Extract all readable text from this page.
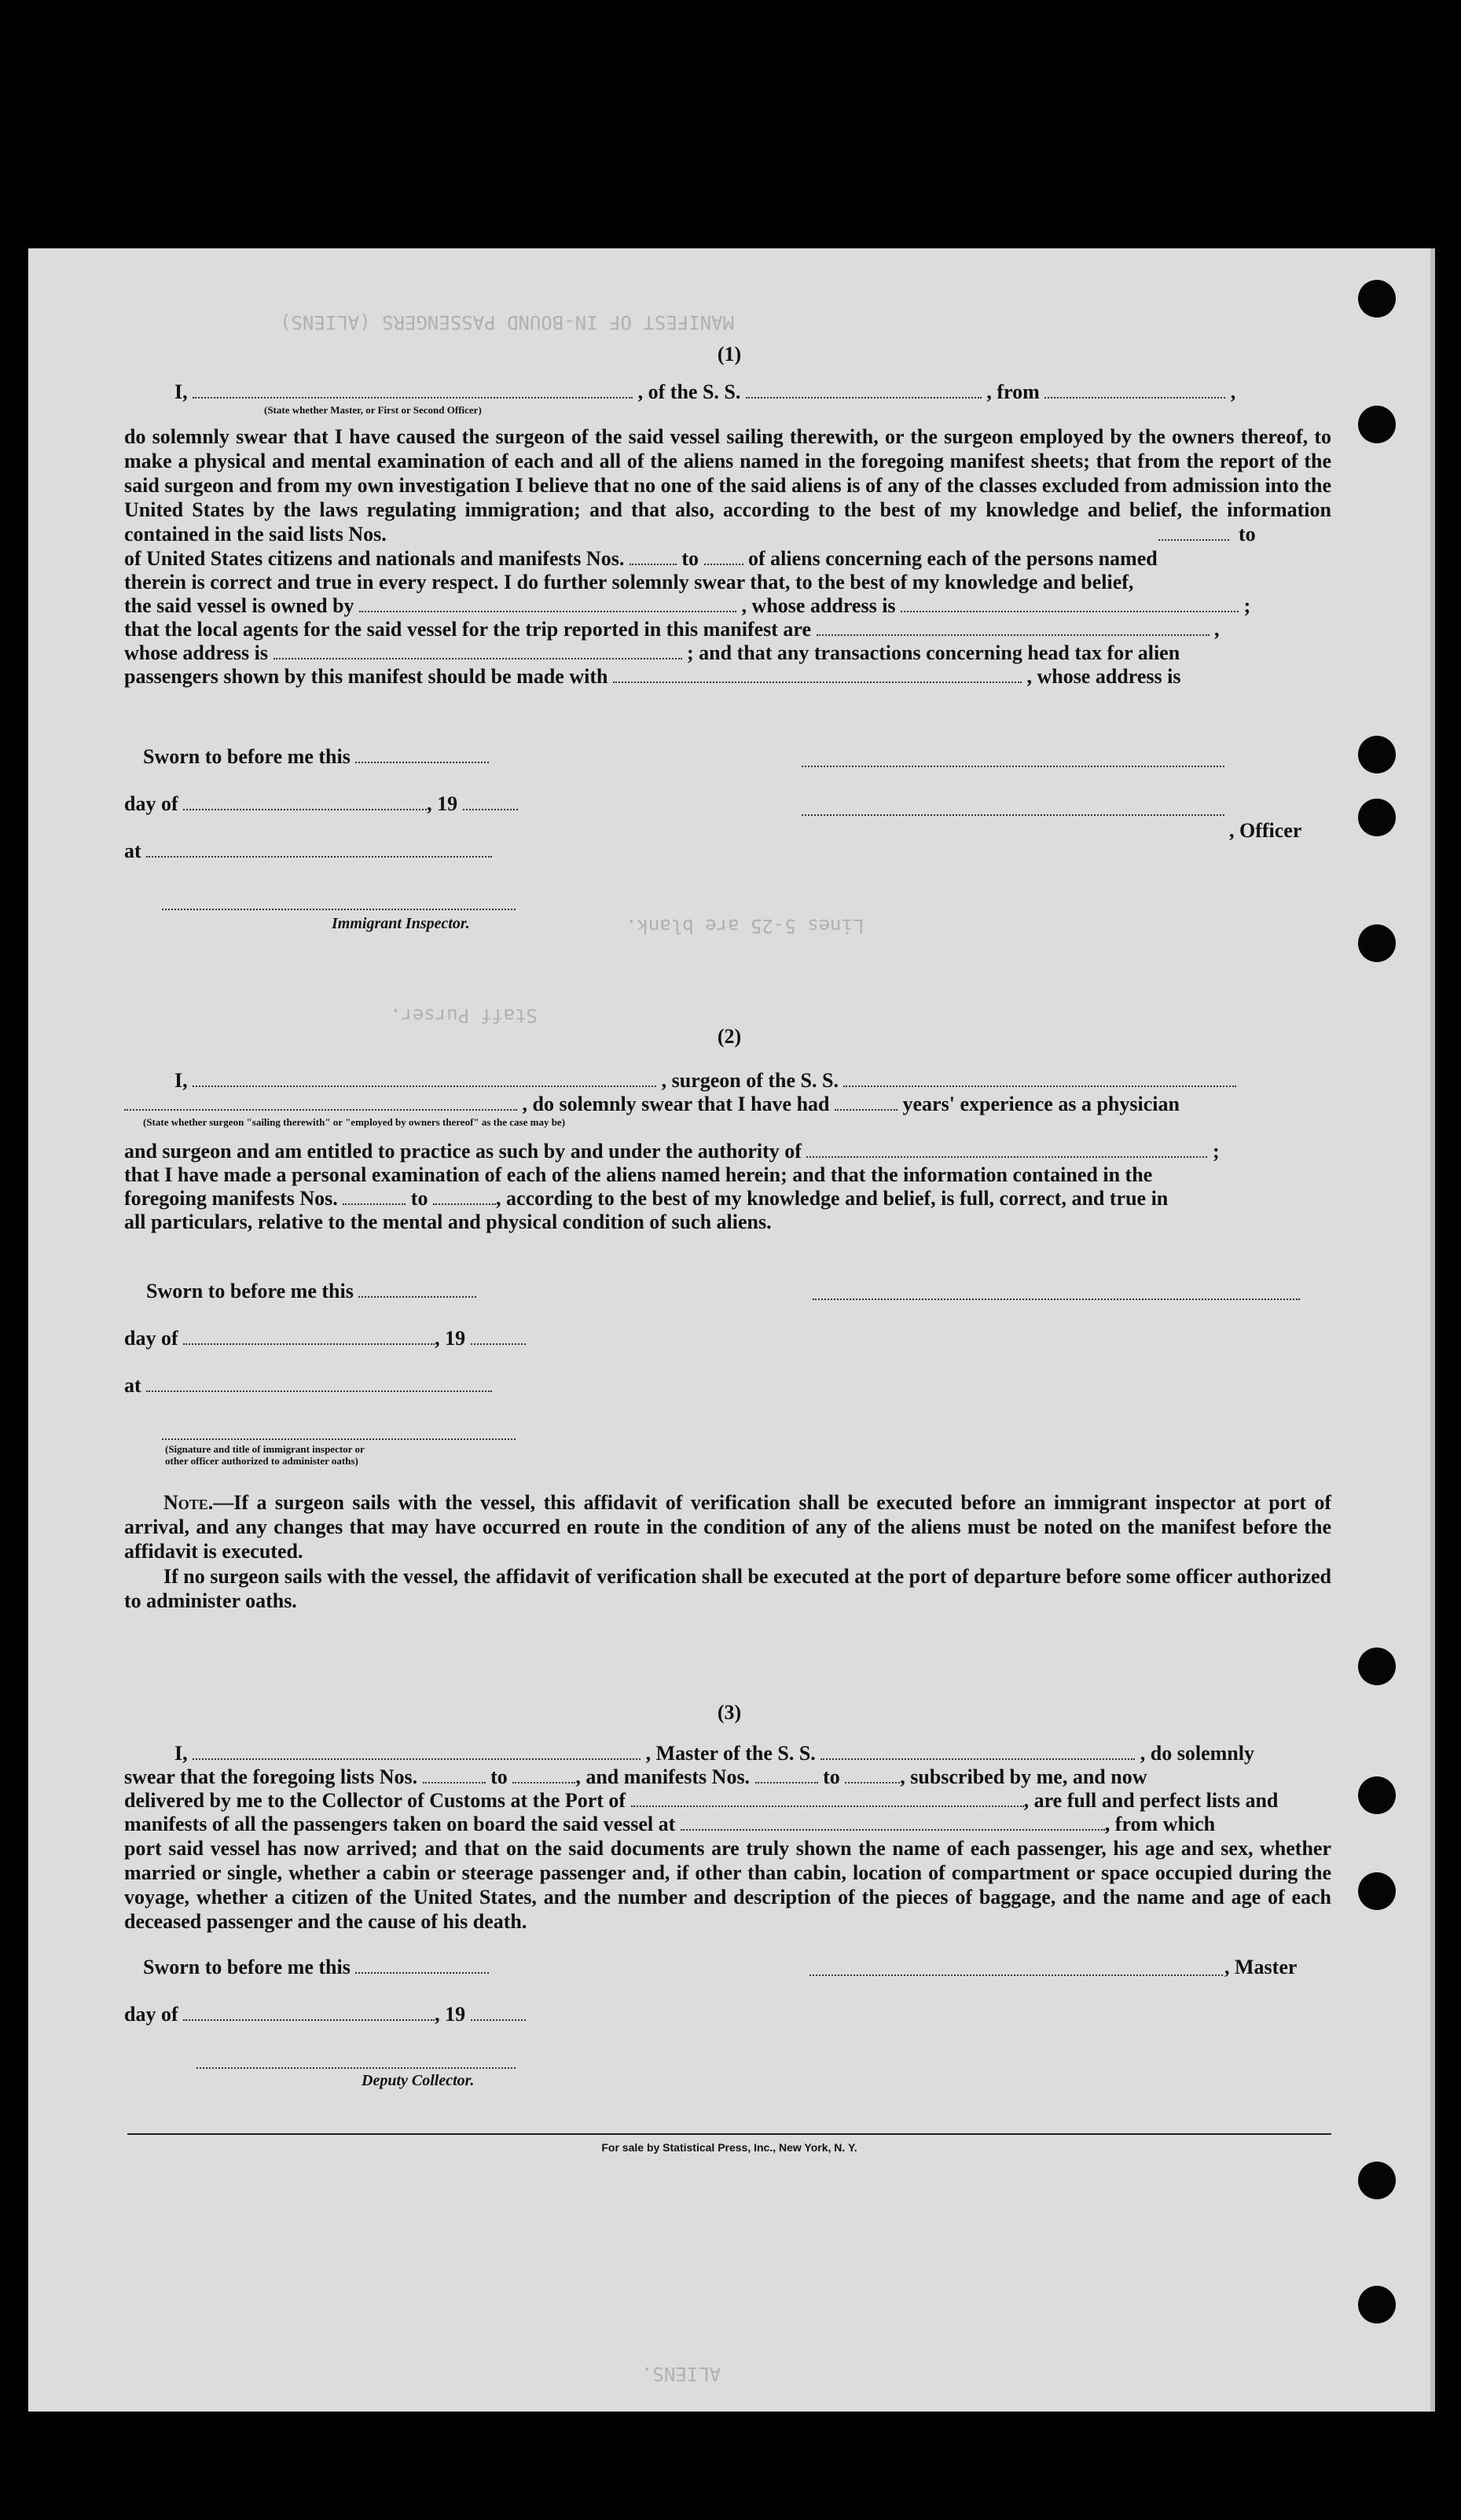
MANIFEST OF IN-BOUND PASSENGERS (ALIENS)
Lines 5-25 are blank.
Staff Purser.
ALIENS.
(1)
I,	, of the S. S.	, from	,
(State whether Master, or First or Second Officer)
do solemnly swear that I have caused the surgeon of the said vessel sailing therewith, or the surgeon employed by the owners thereof, to make a physical and mental examination of each and all of the aliens named in the foregoing manifest sheets; that from the report of the said surgeon and from my own investigation I believe that no one of the said aliens is of any of the classes excluded from admission into the United States by the laws regulating immigration; and that also, according to the best of my knowledge and belief, the information contained in the said lists Nos.
of United States citizens and nationals and manifests Nos.	to of aliens concerning each of the persons named
to
therein is correct and true in every respect. I do further solemnly swear that, to the best of my knowledge and belief,
the said vessel is owned by	, whose address is	;
that the local agents for the said vessel for the trip reported in this manifest are	,
whose address is	; and that any transactions concerning head tax for alien
passengers shown by this manifest should be made with	, whose address is
Sworn to before me this
day of	, 19
at
Immigrant Inspector.
, Officer
(2)
I,	, surgeon of the S. S.
, do solemnly swear that I have had	years' experience as a physician
(State whether surgeon "sailing therewith" or "employed by owners thereof" as the case may be)
and surgeon and am entitled to practice as such by and under the authority of	;
that I have made a personal examination of each of the aliens named herein; and that the information contained in the
foregoing manifests Nos.	to	, according to the best of my knowledge and belief, is full, correct, and true in
all particulars, relative to the mental and physical condition of such aliens.
Sworn to before me this
day of	, 19
at
(Signature and title of immigrant inspector or other officer authorized to administer oaths)
Note.—If a surgeon sails with the vessel, this affidavit of verification shall be executed before an immigrant inspector at port of arrival, and any changes that may have occurred en route in the condition of any of the aliens must be noted on the manifest before the affidavit is executed.
If no surgeon sails with the vessel, the affidavit of verification shall be executed at the port of departure before some officer authorized to administer oaths.
(3)
I,	, Master of the S. S.	, do solemnly
swear that the foregoing lists Nos.	to	, and manifests Nos.	to	, subscribed by me, and now
delivered by me to the Collector of Customs at the Port of	, are full and perfect lists and
manifests of all the passengers taken on board the said vessel at	, from which
port said vessel has now arrived; and that on the said documents are truly shown the name of each passenger, his age and sex, whether married or single, whether a cabin or steerage passenger and, if other than cabin, location of compartment or space occupied during the voyage, whether a citizen of the United States, and the number and description of the pieces of baggage, and the name and age of each deceased passenger and the cause of his death.
Sworn to before me this	, Master
day of	, 19
Deputy Collector.
For sale by Statistical Press, Inc., New York, N. Y.
